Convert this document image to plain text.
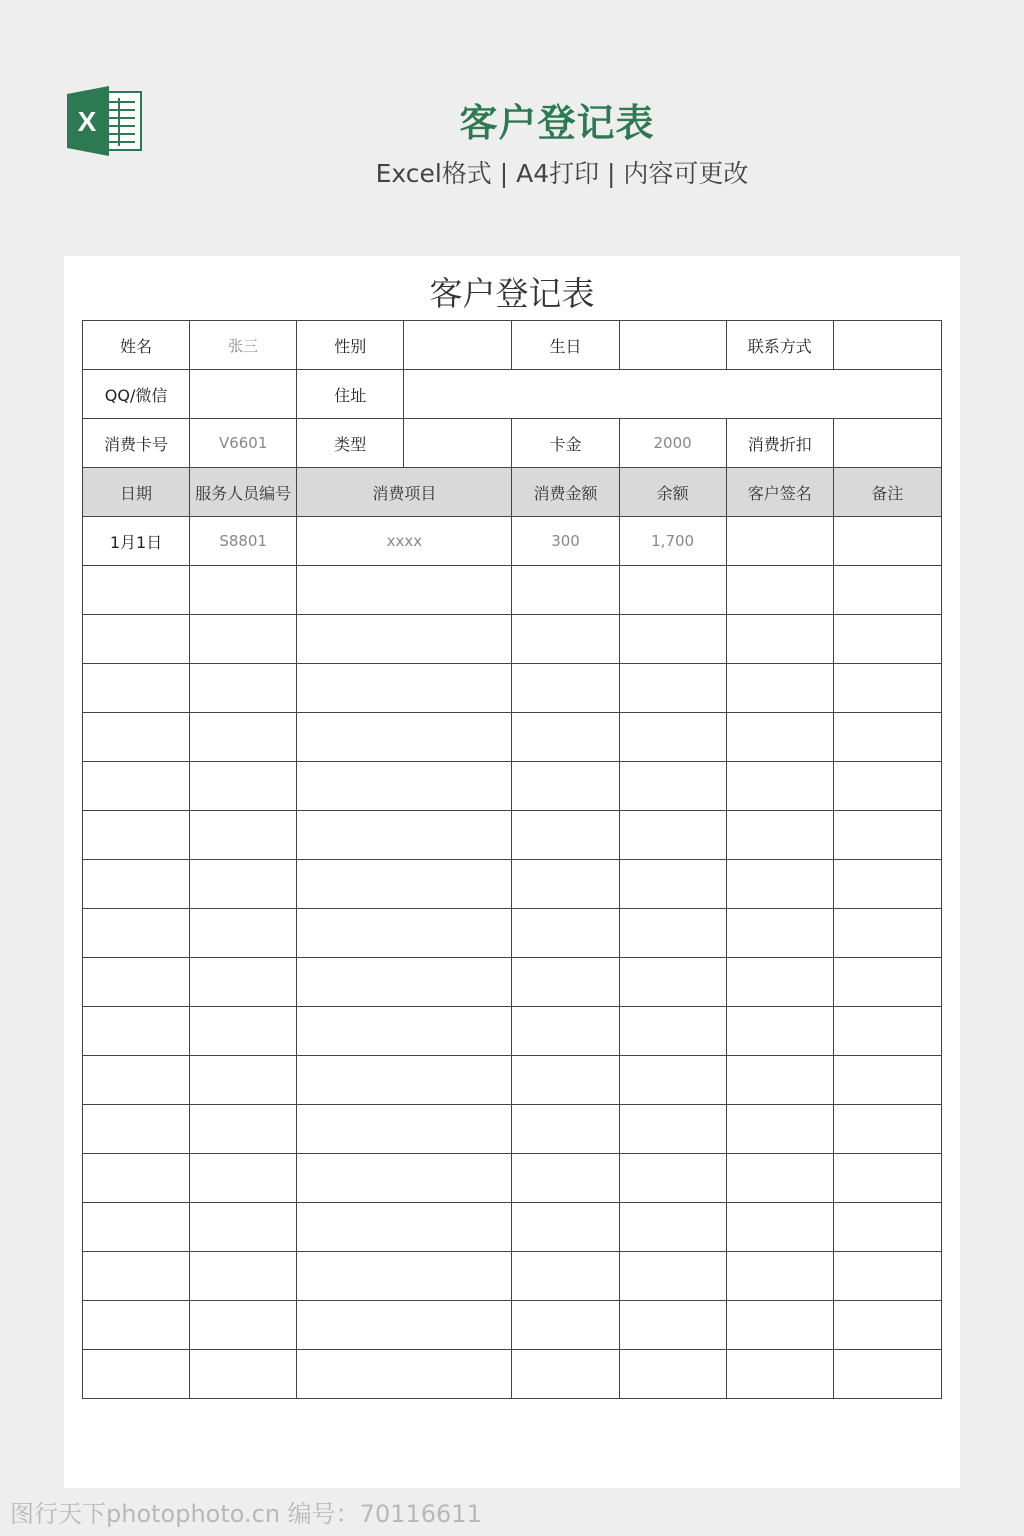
X	客户登记表
Excel格式 | A4打印 | 内容可更改
客户登记表
姓名	张三	性别		生日		联系方式	
QQ/微信		住址					
消费卡号	V6601	类型		卡金	2000	消费折扣	
日期	服务人员编号	消费项目		消费金额	余额	客户签名	备注
1月1日	S8801	xxxx		300	1,700		

图行天下photophoto.cn 编号：70116611
